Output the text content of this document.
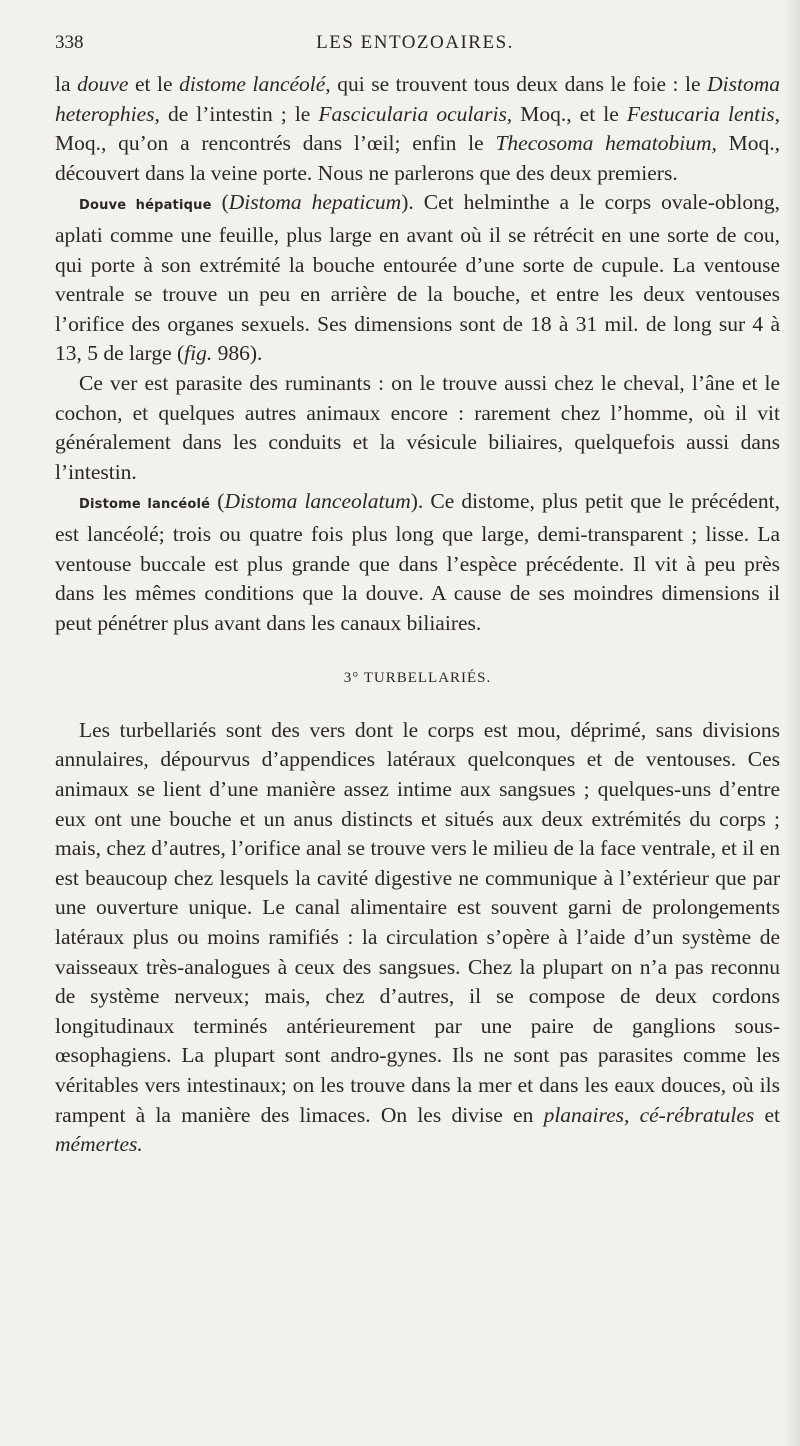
338	LES ENTOZOAIRES.

la douve et le distome lancéolé, qui se trouvent tous deux dans le foie : le Distoma heterophies, de l’intestin ; le Fascicularia ocularis, Moq., et le Festucaria lentis, Moq., qu’on a rencontrés dans l’œil; enfin le Thecosoma hematobium, Moq., découvert dans la veine porte. Nous ne parlerons que des deux premiers.

Douve hépatique (Distoma hepaticum). Cet helminthe a le corps ovale-oblong, aplati comme une feuille, plus large en avant où il se rétrécit en une sorte de cou, qui porte à son extrémité la bouche entourée d’une sorte de cupule. La ventouse ventrale se trouve un peu en arrière de la bouche, et entre les deux ventouses l’orifice des organes sexuels. Ses dimensions sont de 18 à 31 mil. de long sur 4 à 13, 5 de large (fig. 986).

Ce ver est parasite des ruminants : on le trouve aussi chez le cheval, l’âne et le cochon, et quelques autres animaux encore : rarement chez l’homme, où il vit généralement dans les conduits et la vésicule biliaires, quelquefois aussi dans l’intestin.

Distome lancéolé (Distoma lanceolatum). Ce distome, plus petit que le précédent, est lancéolé; trois ou quatre fois plus long que large, demi-transparent ; lisse. La ventouse buccale est plus grande que dans l’espèce précédente. Il vit à peu près dans les mêmes conditions que la douve. A cause de ses moindres dimensions il peut pénétrer plus avant dans les canaux biliaires.

3° TURBELLARIÉS.

Les turbellariés sont des vers dont le corps est mou, déprimé, sans divisions annulaires, dépourvus d’appendices latéraux quelconques et de ventouses. Ces animaux se lient d’une manière assez intime aux sangsues ; quelques-uns d’entre eux ont une bouche et un anus distincts et situés aux deux extrémités du corps ; mais, chez d’autres, l’orifice anal se trouve vers le milieu de la face ventrale, et il en est beaucoup chez lesquels la cavité digestive ne communique à l’extérieur que par une ouverture unique. Le canal alimentaire est souvent garni de prolongements latéraux plus ou moins ramifiés : la circulation s’opère à l’aide d’un système de vaisseaux très-analogues à ceux des sangsues. Chez la plupart on n’a pas reconnu de système nerveux; mais, chez d’autres, il se compose de deux cordons longitudinaux terminés antérieurement par une paire de ganglions sous-œsophagiens. La plupart sont andro-gynes. Ils ne sont pas parasites comme les véritables vers intestinaux; on les trouve dans la mer et dans les eaux douces, où ils rampent à la manière des limaces. On les divise en planaires, cé-rébratules et mémertes.
